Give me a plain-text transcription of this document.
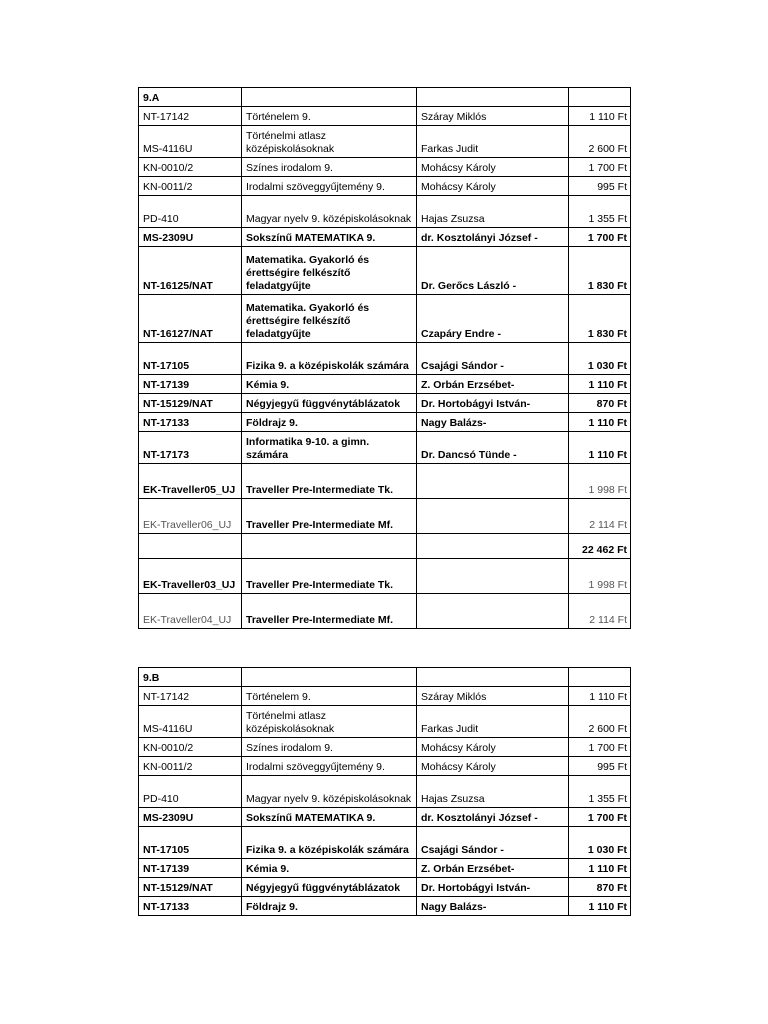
9.A			
NT-17142	Történelem 9.	Száray Miklós	1 110 Ft
MS-4116U	Történelmi atlasz középiskolásoknak	Farkas Judit	2 600 Ft
KN-0010/2	Színes irodalom 9.	Mohácsy Károly	1 700 Ft
KN-0011/2	Irodalmi szöveggyűjtemény 9.	Mohácsy Károly	995 Ft
PD-410	Magyar nyelv 9. középiskolásoknak	Hajas Zsuzsa	1 355 Ft
MS-2309U	Sokszínű MATEMATIKA 9.	dr. Kosztolányi József -	1 700 Ft
NT-16125/NAT	Matematika. Gyakorló és érettségire felkészítő feladatgyűjte	Dr. Gerőcs László -	1 830 Ft
NT-16127/NAT	Matematika. Gyakorló és érettségire felkészítő feladatgyűjte	Czapáry Endre -	1 830 Ft
NT-17105	Fizika 9. a középiskolák számára	Csajági Sándor -	1 030 Ft
NT-17139	Kémia 9.	Z. Orbán Erzsébet-	1 110 Ft
NT-15129/NAT	Négyjegyű függvénytáblázatok	Dr. Hortobágyi István-	870 Ft
NT-17133	Földrajz 9.	Nagy Balázs-	1 110 Ft
NT-17173	Informatika 9-10. a gimn. számára	Dr. Dancsó Tünde -	1 110 Ft
EK-Traveller05_UJ	Traveller Pre-Intermediate Tk.		1 998 Ft
EK-Traveller06_UJ	Traveller Pre-Intermediate Mf.		2 114 Ft
			22 462 Ft
EK-Traveller03_UJ	Traveller Pre-Intermediate Tk.		1 998 Ft
EK-Traveller04_UJ	Traveller Pre-Intermediate Mf.		2 114 Ft
9.B			
NT-17142	Történelem 9.	Száray Miklós	1 110 Ft
MS-4116U	Történelmi atlasz középiskolásoknak	Farkas Judit	2 600 Ft
KN-0010/2	Színes irodalom 9.	Mohácsy Károly	1 700 Ft
KN-0011/2	Irodalmi szöveggyűjtemény 9.	Mohácsy Károly	995 Ft
PD-410	Magyar nyelv 9. középiskolásoknak	Hajas Zsuzsa	1 355 Ft
MS-2309U	Sokszínű MATEMATIKA 9.	dr. Kosztolányi József -	1 700 Ft
NT-17105	Fizika 9. a középiskolák számára	Csajági Sándor -	1 030 Ft
NT-17139	Kémia 9.	Z. Orbán Erzsébet-	1 110 Ft
NT-15129/NAT	Négyjegyű függvénytáblázatok	Dr. Hortobágyi István-	870 Ft
NT-17133	Földrajz 9.	Nagy Balázs-	1 110 Ft
